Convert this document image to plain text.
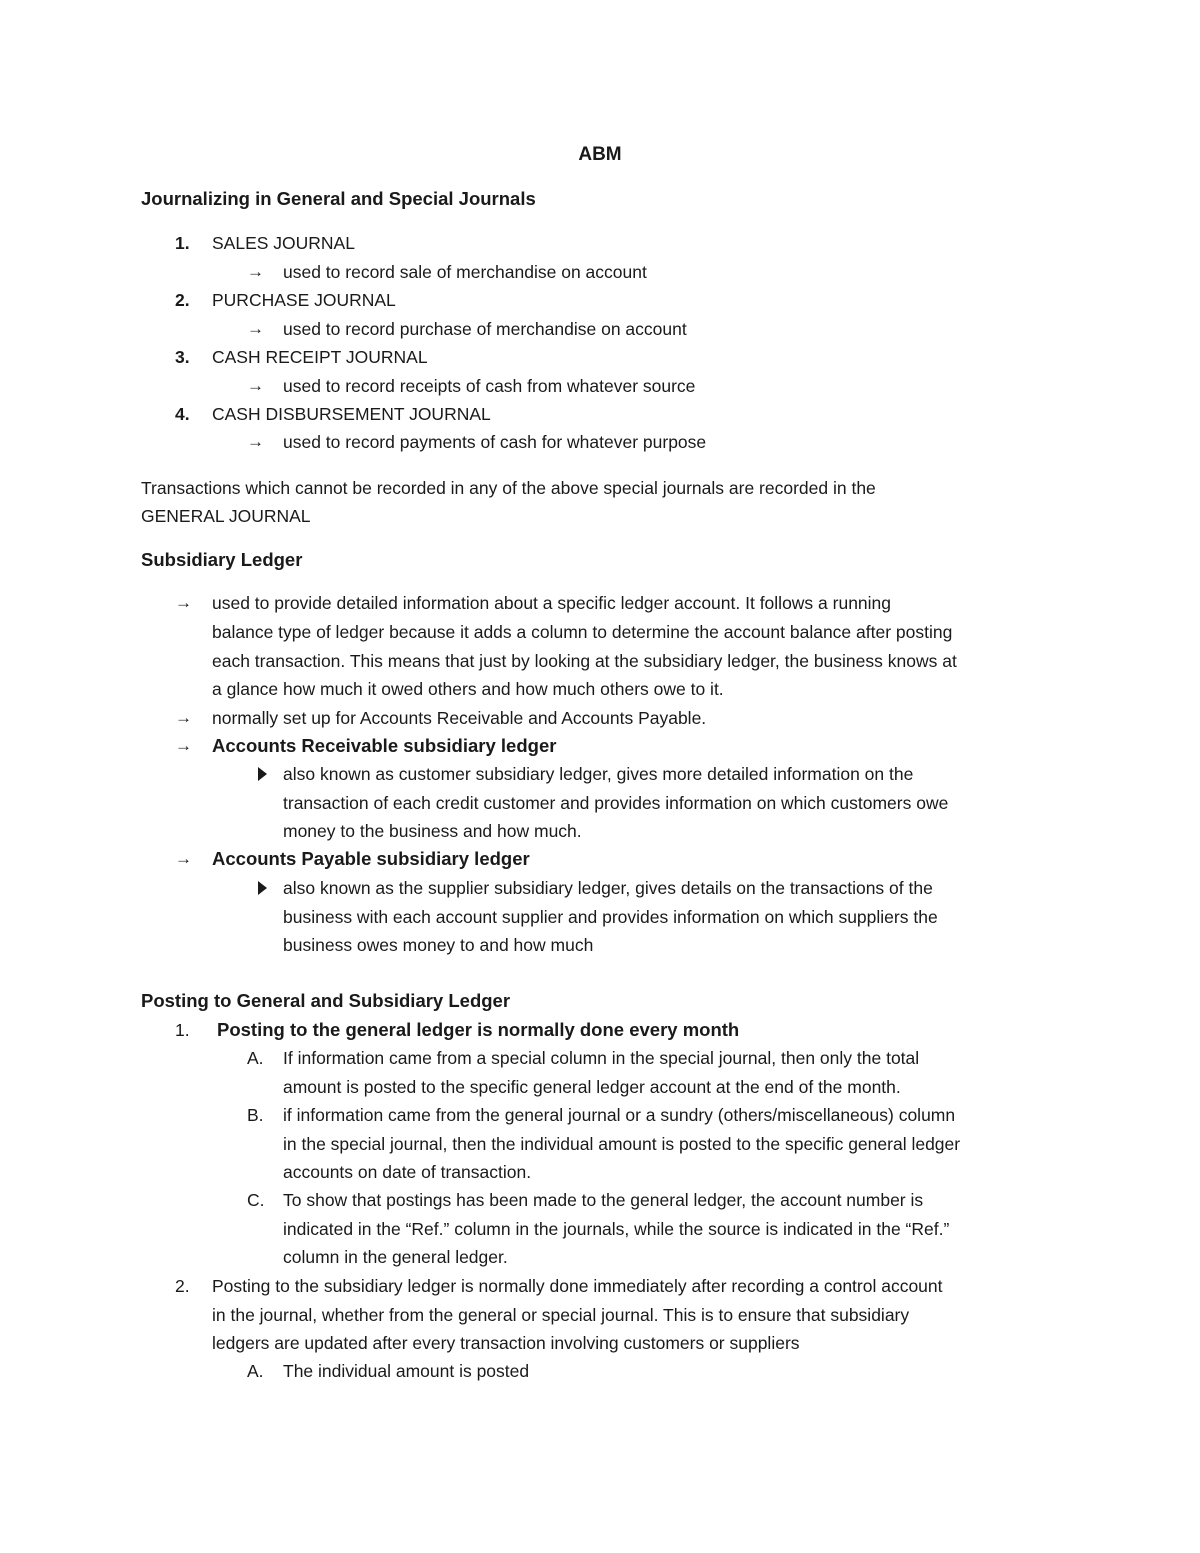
ABM
Journalizing in General and Special Journals
1. SALES JOURNAL
→ used to record sale of merchandise on account
2. PURCHASE JOURNAL
→ used to record purchase of merchandise on account
3. CASH RECEIPT JOURNAL
→ used to record receipts of cash from whatever source
4. CASH DISBURSEMENT JOURNAL
→ used to record payments of cash for whatever purpose
Transactions which cannot be recorded in any of the above special journals are recorded in the
GENERAL JOURNAL
Subsidiary Ledger
→ used to provide detailed information about a specific ledger account. It follows a running
balance type of ledger because it adds a column to determine the account balance after posting
each transaction. This means that just by looking at the subsidiary ledger, the business knows at
a glance how much it owed others and how much others owe to it.
→ normally set up for Accounts Receivable and Accounts Payable.
→ Accounts Receivable subsidiary ledger
also known as customer subsidiary ledger, gives more detailed information on the
transaction of each credit customer and provides information on which customers owe
money to the business and how much.
→ Accounts Payable subsidiary ledger
also known as the supplier subsidiary ledger, gives details on the transactions of the
business with each account supplier and provides information on which suppliers the
business owes money to and how much
Posting to General and Subsidiary Ledger
1. Posting to the general ledger is normally done every month
A. If information came from a special column in the special journal, then only the total
amount is posted to the specific general ledger account at the end of the month.
B. if information came from the general journal or a sundry (others/miscellaneous) column
in the special journal, then the individual amount is posted to the specific general ledger
accounts on date of transaction.
C. To show that postings has been made to the general ledger, the account number is
indicated in the “Ref.” column in the journals, while the source is indicated in the “Ref.”
column in the general ledger.
2. Posting to the subsidiary ledger is normally done immediately after recording a control account
in the journal, whether from the general or special journal. This is to ensure that subsidiary
ledgers are updated after every transaction involving customers or suppliers
A. The individual amount is posted
